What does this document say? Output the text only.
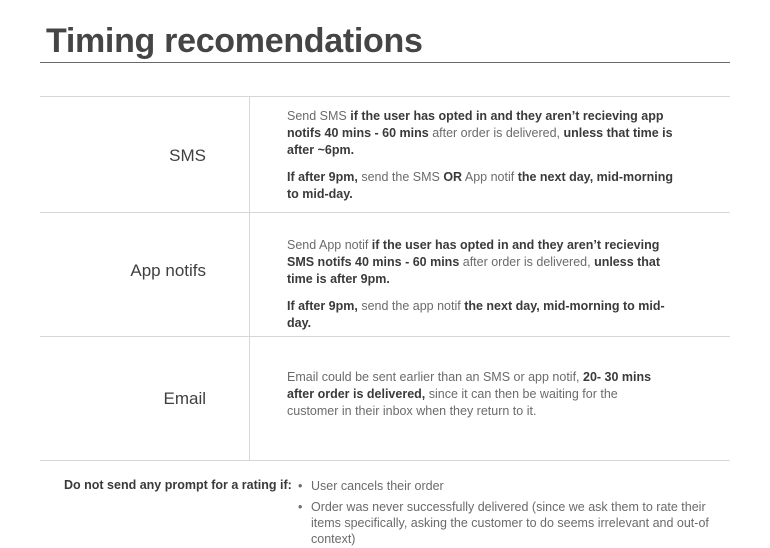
Timing recomendations
SMS

Send SMS if the user has opted in and they aren’t recieving app notifs 40 mins - 60 mins after order is delivered, unless that time is after ~6pm.

If after 9pm, send the SMS OR App notif the next day, mid-morning to mid-day.

App notifs

Send App notif if the user has opted in and they aren’t recieving SMS notifs 40 mins - 60 mins after order is delivered, unless that time is after 9pm.

If after 9pm, send the app notif the next day, mid-morning to mid-day.

Email

Email could be sent earlier than an SMS or app notif, 20- 30 mins after order is delivered, since it can then be waiting for the customer in their inbox when they return to it.

Do not send any prompt for a rating if:
•	User cancels their order
• Order was never successfully delivered (since we ask them to rate their items specifically, asking the customer to do seems irrelevant and out-of context)
